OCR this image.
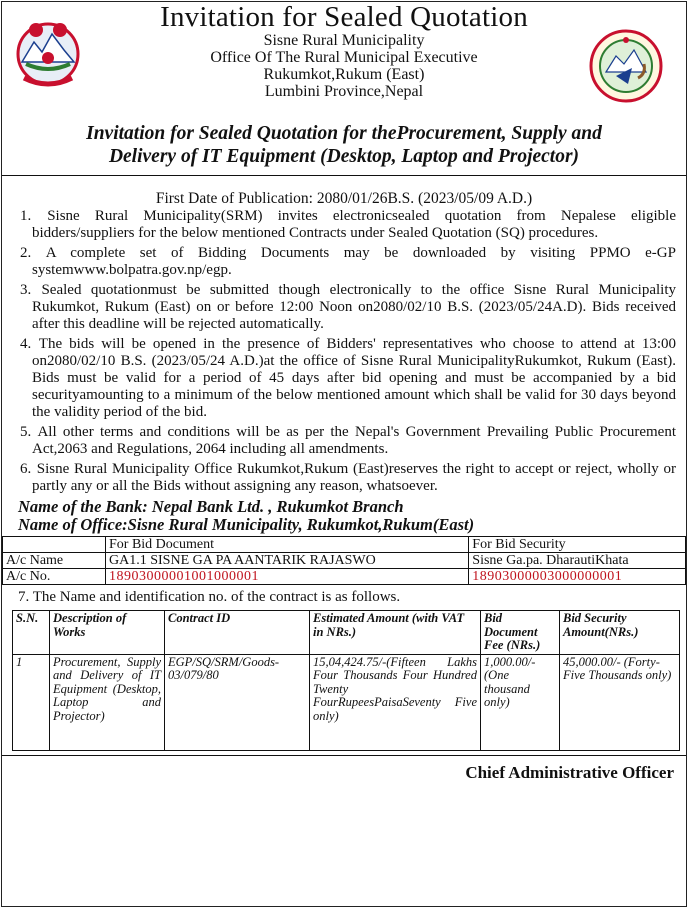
Invitation for Sealed Quotation
Sisne Rural Municipality
Office Of The Rural Municipal Executive
Rukumkot,Rukum (East)
Lumbini Province,Nepal
Invitation for Sealed Quotation for theProcurement, Supply and
Delivery of IT Equipment (Desktop, Laptop and Projector)
First Date of Publication: 2080/01/26B.S. (2023/05/09 A.D.)
1. Sisne Rural Municipality(SRM) invites electronicsealed quotation from Nepalese eligible bidders/suppliers for the below mentioned Contracts under Sealed Quotation (SQ) procedures.
2. A complete set of Bidding Documents may be downloaded by visiting PPMO e-GP systemwww.bolpatra.gov.np/egp.
3. Sealed quotationmust be submitted though electronically to the office Sisne Rural Municipality Rukumkot, Rukum (East) on or before 12:00 Noon on2080/02/10 B.S. (2023/05/24A.D). Bids received after this deadline will be rejected automatically.
4. The bids will be opened in the presence of Bidders' representatives who choose to attend at 13:00 on2080/02/10 B.S. (2023/05/24 A.D.)at the office of Sisne Rural MunicipalityRukumkot, Rukum (East). Bids must be valid for a period of 45 days after bid opening and must be accompanied by a bid securityamounting to a minimum of the below mentioned amount which shall be valid for 30 days beyond the validity period of the bid.
5. All other terms and conditions will be as per the Nepal's Government Prevailing Public Procurement Act,2063 and Regulations, 2064 including all amendments.
6. Sisne Rural Municipality Office Rukumkot,Rukum (East)reserves the right to accept or reject, wholly or partly any or all the Bids without assigning any reason, whatsoever.
Name of the Bank: Nepal Bank Ltd. , Rukumkot Branch
Name of Office:Sisne Rural Municipality, Rukumkot,Rukum(East)
	For Bid Document	For Bid Security
A/c Name	GA1.1 SISNE GA PA AANTARIK RAJASWO	Sisne Ga.pa. DharautiKhata
A/c No.	18903000001001000001	18903000003000000001
7. The Name and identification no. of the contract is as follows.
S.N.	Description of Works	Contract ID	Estimated Amount (with VAT in NRs.)	Bid Document Fee (NRs.)	Bid Security Amount(NRs.)
1	Procurement, Supply and Delivery of IT Equipment (Desktop, Laptop and Projector)	EGP/SQ/SRM/Goods-03/079/80	15,04,424.75/-(Fifteen Lakhs Four Thousands Four Hundred Twenty FourRupeesPaisaSeventy Five only)	1,000.00/- (One thousand only)	45,000.00/- (Forty-Five Thousands only)
Chief Administrative Officer
